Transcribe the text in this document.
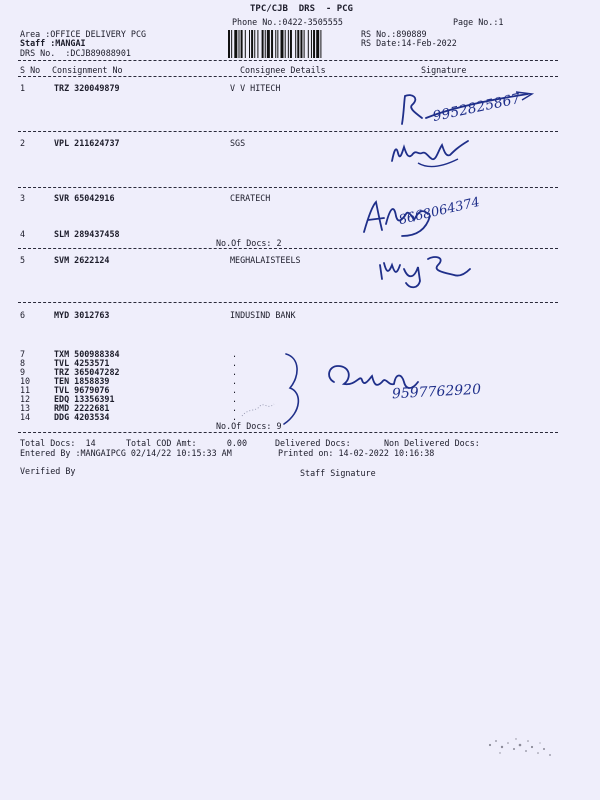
TPC/CJB  DRS  - PCG
Phone No.:0422-3505555	Page No.:1
Area :OFFICE DELIVERY PCG
Staff :MANGAI
DRS No.  :DCJB89088901
RS No.:890889
RS Date:14-Feb-2022
S No Consignment No	Consignee Details	Signature
1	TRZ 320049879	V V HITECH
2	VPL 211624737	SGS
3	SVR 65042916	CERATECH
4	SLM 289437458
No.Of Docs: 2
5	SVM 2622124	MEGHALAISTEELS
6	MYD 3012763	INDUSIND BANK
7	TXM 500988384	.
8	TVL 4253571	.
9	TRZ 365047282	.
10	TEN 1858839	.
11	TVL 9679076	.
12	EDQ 13356391	.
13	RMD 2222681	.
14	DDG 4203534	.
No.Of Docs: 9
Total Docs:  14	Total COD Amt:      0.00	Delivered Docs:	Non Delivered Docs:
Entered By :MANGAIPCG 02/14/22 10:15:33 AM	Printed on: 14-02-2022 10:16:38
Verified By	Staff Signature
9952825867
8668064374
9597762920
